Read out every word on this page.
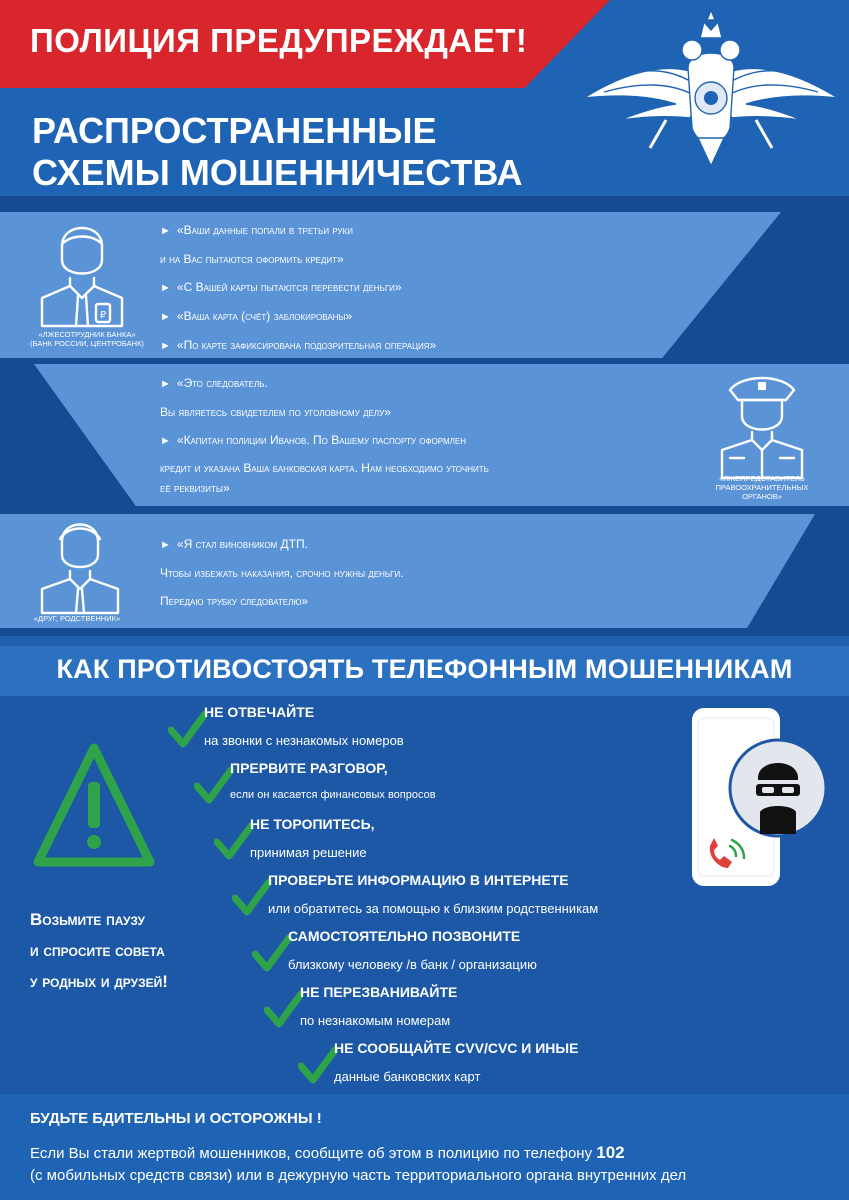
ПОЛИЦИЯ ПРЕДУПРЕЖДАЕТ!
РАСПРОСТРАНЕННЫЕ
СХЕМЫ МОШЕННИЧЕСТВА
₽
«ЛЖЕСОТРУДНИК БАНКА»
(БАНК РОССИИ, ЦЕНТРОБАНК)
► «Ваши данные попали в третьи руки
и на Вас пытаются оформить кредит»
► «С Вашей карты пытаются перевести деньги»
► «Ваша карта (счёт) заблокированы»
► «По карте зафиксирована подозрительная операция»
«ЛЖЕПРЕДСТАВИТЕЛЬ
ПРАВООХРАНИТЕЛЬНЫХ ОРГАНОВ»
► «Это следователь.
Вы являетесь свидетелем по уголовному делу»
► «Капитан полиции Иванов. По Вашему паспорту оформлен
кредит и указана Ваша банковская карта. Нам необходимо уточнить
её реквизиты»
«ДРУГ, РОДСТВЕННИК»
► «Я стал виновником ДТП.
Чтобы избежать наказания, срочно нужны деньги.
Передаю трубку следователю»
КАК ПРОТИВОСТОЯТЬ ТЕЛЕФОННЫМ МОШЕННИКАМ
Возьмите паузу
и спросите совета
у родных и друзей!
НЕ ОТВЕЧАЙТЕ
на звонки с незнакомых номеров
ПРЕРВИТЕ РАЗГОВОР,
если он касается финансовых вопросов
НЕ ТОРОПИТЕСЬ,
принимая решение
ПРОВЕРЬТЕ ИНФОРМАЦИЮ В ИНТЕРНЕТЕ
или обратитесь за помощью к близким родственникам
САМОСТОЯТЕЛЬНО ПОЗВОНИТЕ
близкому человеку /в банк / организацию
НЕ ПЕРЕЗВАНИВАЙТЕ
по незнакомым номерам
НЕ СООБЩАЙТЕ CVV/CVC И ИНЫЕ
данные банковских карт
БУДЬТЕ БДИТЕЛЬНЫ И ОСТОРОЖНЫ !
Если Вы стали жертвой мошенников, сообщите об этом в полицию по телефону 102
(с мобильных средств связи) или в дежурную часть территориального органа внутренних дел
